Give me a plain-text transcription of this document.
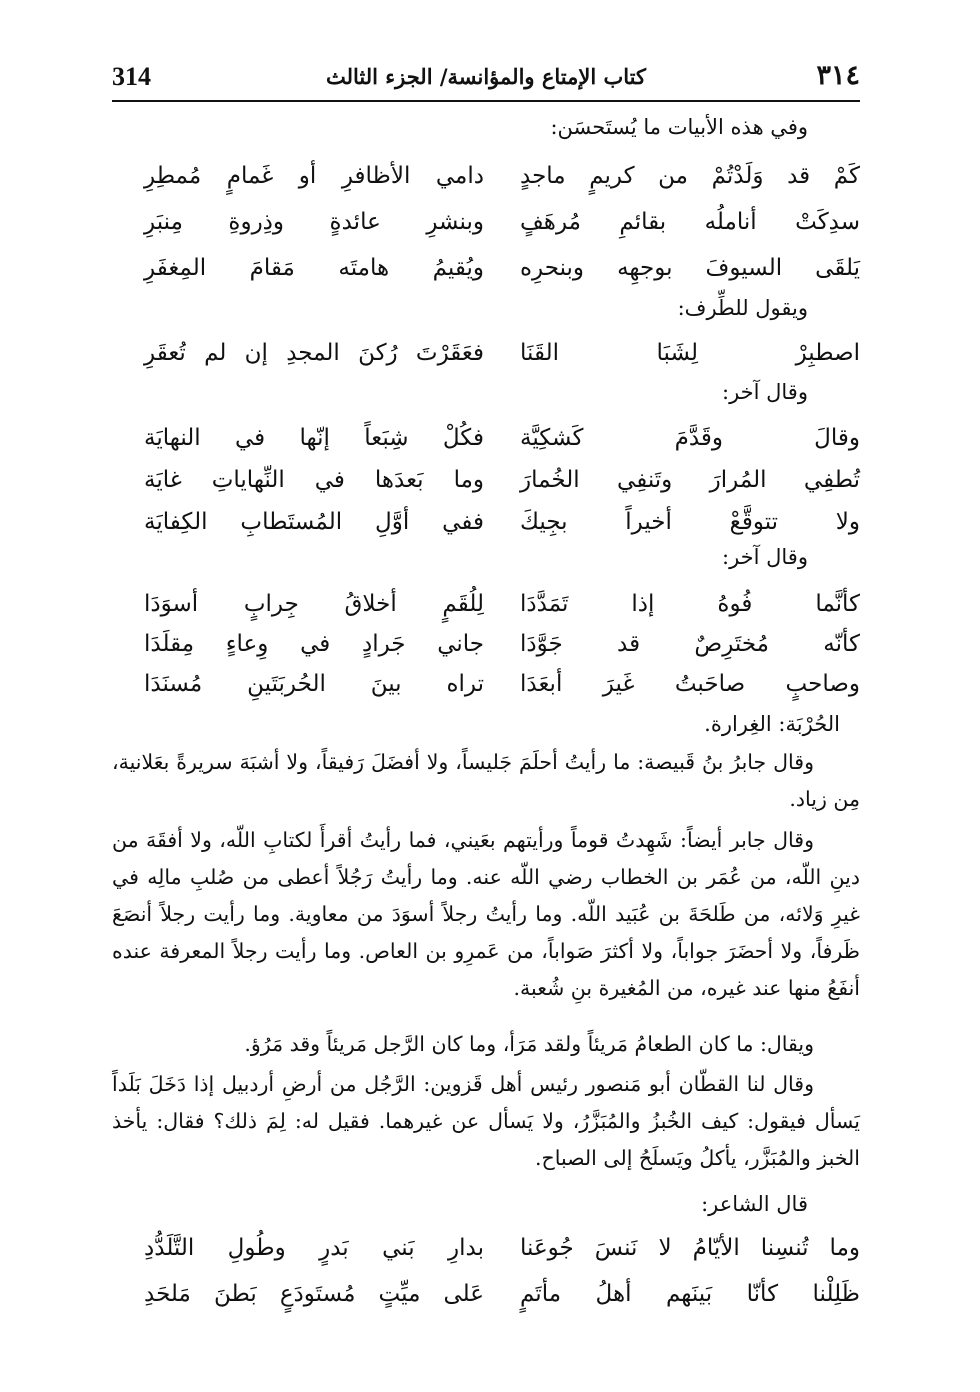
314	كتاب الإمتاع والمؤانسة/ الجزء الثالث	٣١٤
وفي هذه الأبيات ما يُستَحسَن:
كَمْ قد وَلَدْتُمْ من كريمٍ ماجدٍ
دامي الأظافرِ أو غَمامٍ مُمطِرِ
سدِكَتْ أناملُه بقائمِ مُرهَفٍ
وبنشرِ عائدةٍ وذِروةِ مِنبَرِ
يَلقَى السيوفَ بوجهِه وبنحرِه
ويُقيمُ هامتَه مَقامَ المِغفَرِ
ويقول للطِّرف:
اصطبِرْ لِشَبَا القَنَا
فعَقَرْتَ رُكنَ المجدِ إن لم تُعقَرِ
وقال آخر:
وقالَ وقَدَّمَ كَشكِيَّة
فكُلْ شِبَعاً إنّها في النهايَة
تُطفِي المُرارَ وتَنفِي الخُمارَ
وما بَعدَها في النِّهاياتِ غايَة
ولا تتوقَّعْ أخيراً بجِيكَ
ففي أوَّلِ المُستَطابِ الكِفايَة
وقال آخر:
كأنَّما فُوهُ إذا تَمَدَّدَا
لِلُقَمٍ أخلاقُ جِرابٍ أسوَدَا
كأنّه مُختَرِصٌ قد جَوَّدَا
جاني جَرادٍ في وِعاءٍ مِقلَدَا
وصاحبٍ صاحَبتُ غَيرَ أبعَدَا
تراه بينَ الحُربَتَينِ مُسنَدَا
الحُرْبَة: الغِرارة.
وقال جابرُ بنُ قَبيصة: ما رأيتُ أحلَمَ جَليساً، ولا أفضَلَ رَفيقاً، ولا أشبَهَ سريرةً بعَلانية، مِن زياد.
وقال جابر أيضاً: شَهِدتُ قوماً ورأيتهم بعَيني، فما رأيتُ أقرأَ لكتابِ اللّه، ولا أفقَهَ من دينِ اللّه، من عُمَر بن الخطاب رضي اللّه عنه. وما رأيتُ رَجُلاً أعطى من صُلبِ مالِه في غيرِ وَلائه، من طَلحَةَ بن عُبَيد اللّه. وما رأيتُ رجلاً أسوَدَ من معاوية. وما رأيت رجلاً أنصَعَ ظَرفاً، ولا أحضَرَ جواباً، ولا أكثرَ صَواباً، من عَمرِو بن العاص. وما رأيت رجلاً المعرفة عنده أنفَعُ منها عند غيره، من المُغيرة بنِ شُعبة.
ويقال: ما كان الطعامُ مَريئاً ولقد مَرَأ، وما كان الرَّجل مَريئاً وقد مَرُؤ.
وقال لنا القطّان أبو مَنصور رئيس أهل قَزوين: الرَّجُل من أرضِ أردبيل إذا دَخَلَ بَلَداً يَسأل فيقول: كيف الخُبزُ والمُبَزَّرُ، ولا يَسأل عن غيرهما. فقيل له: لِمَ ذلك؟ فقال: يأخذ الخبز والمُبَزَّر، يأكلُ ويَسلَحُ إلى الصباح.
قال الشاعر:
وما تُنسِنا الأيّامُ لا نَنسَ جُوعَنا
بدارِ بَني بَدرٍ وطُولِ التَّلَدُّدِ
ظَلِلْنا كأنّا بَينَهم أهلُ مأتَمٍ
عَلى ميِّتٍ مُستَودَعٍ بَطنَ مَلحَدِ
